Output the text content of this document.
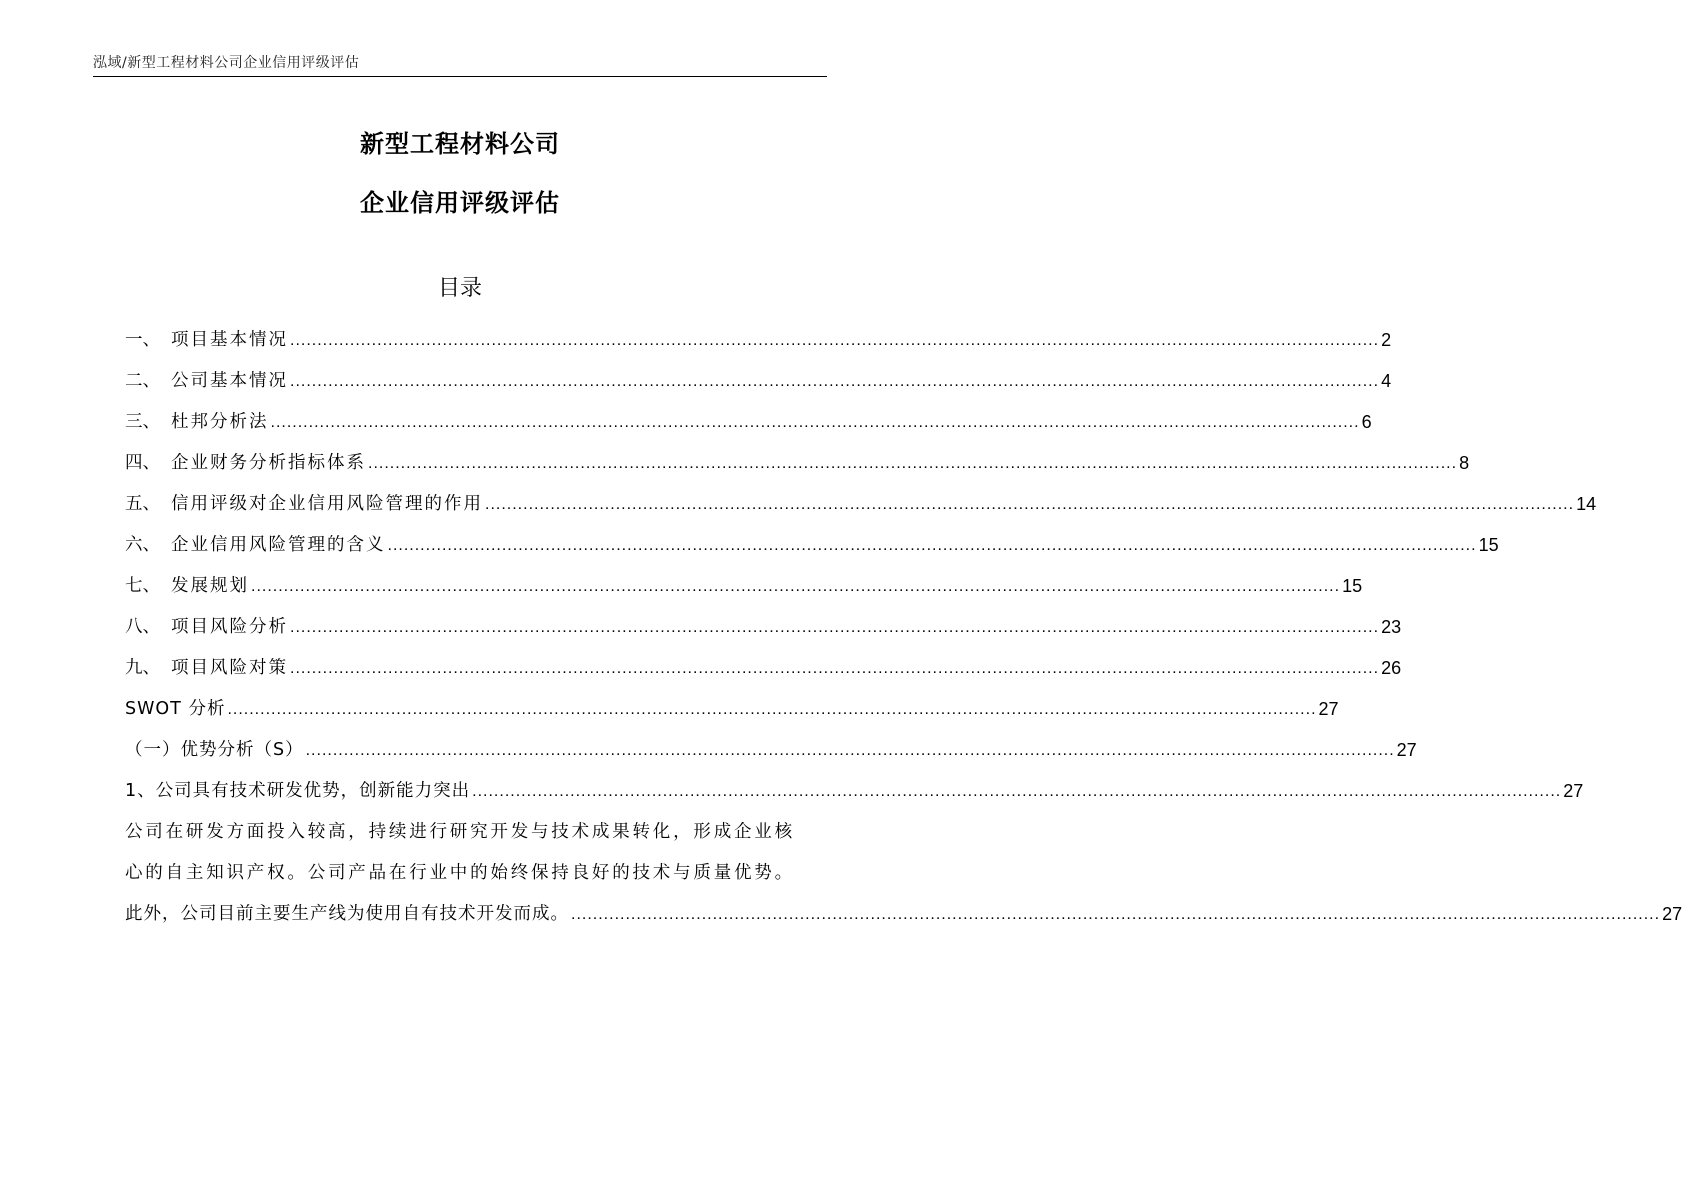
泓域/新型工程材料公司企业信用评级评估
新型工程材料公司
企业信用评级评估
目录
一、 项目基本情况 ........................................................................................................................................................................................................ 2
二、 公司基本情况 ........................................................................................................................................................................................................ 4
三、 杜邦分析法 ........................................................................................................................................................................................................ 6
四、 企业财务分析指标体系 ........................................................................................................................................................................................................ 8
五、 信用评级对企业信用风险管理的作用 ........................................................................................................................................................................................................ 14
六、 企业信用风险管理的含义 ........................................................................................................................................................................................................ 15
七、 发展规划 ........................................................................................................................................................................................................ 15
八、 项目风险分析 ........................................................................................................................................................................................................ 23
九、 项目风险对策 ........................................................................................................................................................................................................ 26
SWOT 分析 ........................................................................................................................................................................................................ 27
（一）优势分析（S） ........................................................................................................................................................................................................ 27
1、公司具有技术研发优势，创新能力突出 ........................................................................................................................................................................................................ 27
公司在研发方面投入较高，持续进行研究开发与技术成果转化，形成企业核
心的自主知识产权。公司产品在行业中的始终保持良好的技术与质量优势。
此外，公司目前主要生产线为使用自有技术开发而成。 ........................................................................................................................................................................................................ 27
